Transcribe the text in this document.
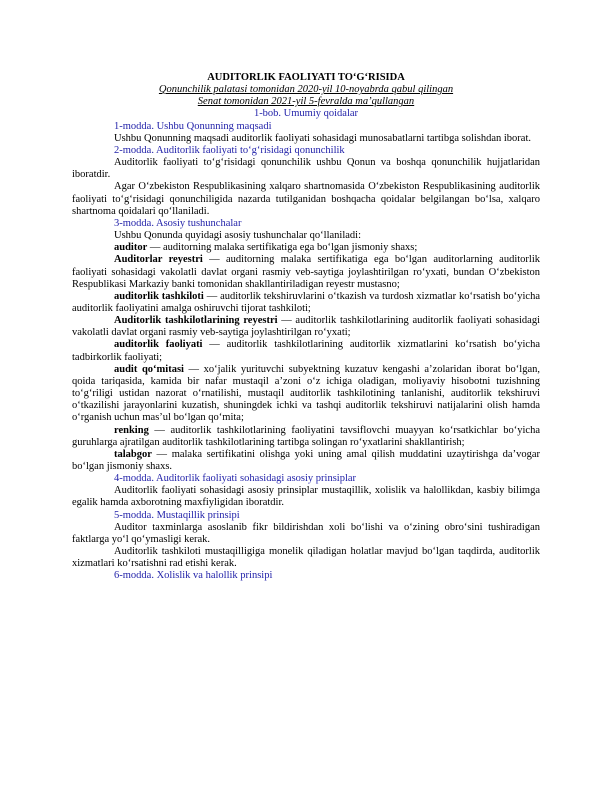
AUDITORLIK FAOLIYATI TO‘G‘RISIDA

Qonunchilik palatasi tomonidan 2020-yil 10-noyabrda qabul qilingan

Senat tomonidan 2021-yil 5-fevralda ma’qullangan

1-bob. Umumiy qoidalar

1-modda. Ushbu Qonunning maqsadi

Ushbu Qonunning maqsadi auditorlik faoliyati sohasidagi munosabatlarni tartibga solishdan iborat.

2-modda. Auditorlik faoliyati to‘g‘risidagi qonunchilik

Auditorlik faoliyati to‘g‘risidagi qonunchilik ushbu Qonun va boshqa qonunchilik hujjatlaridan iboratdir.

Agar O‘zbekiston Respublikasining xalqaro shartnomasida O‘zbekiston Respublikasining auditorlik faoliyati to‘g‘risidagi qonunchiligida nazarda tutilganidan boshqacha qoidalar belgilangan bo‘lsa, xalqaro shartnoma qoidalari qo‘llaniladi.

3-modda. Asosiy tushunchalar

Ushbu Qonunda quyidagi asosiy tushunchalar qo‘llaniladi:

auditor — auditorning malaka sertifikatiga ega bo‘lgan jismoniy shaxs;

Auditorlar reyestri — auditorning malaka sertifikatiga ega bo‘lgan auditorlarning auditorlik faoliyati sohasidagi vakolatli davlat organi rasmiy veb-saytiga joylashtirilgan ro‘yxati, bundan O‘zbekiston Respublikasi Markaziy banki tomonidan shakllantiriladigan reyestr mustasno;

auditorlik tashkiloti — auditorlik tekshiruvlarini o‘tkazish va turdosh xizmatlar ko‘rsatish bo‘yicha auditorlik faoliyatini amalga oshiruvchi tijorat tashkiloti;

Auditorlik tashkilotlarining reyestri — auditorlik tashkilotlarining auditorlik faoliyati sohasidagi vakolatli davlat organi rasmiy veb-saytiga joylashtirilgan ro‘yxati;

auditorlik faoliyati — auditorlik tashkilotlarining auditorlik xizmatlarini ko‘rsatish bo‘yicha tadbirkorlik faoliyati;

audit qo‘mitasi — xo‘jalik yurituvchi subyektning kuzatuv kengashi a’zolaridan iborat bo‘lgan, qoida tariqasida, kamida bir nafar mustaqil a’zoni o‘z ichiga oladigan, moliyaviy hisobotni tuzishning to‘g‘riligi ustidan nazorat o‘rnatilishi, mustaqil auditorlik tashkilotining tanlanishi, auditorlik tekshiruvi o‘tkazilishi jarayonlarini kuzatish, shuningdek ichki va tashqi auditorlik tekshiruvi natijalarini olish hamda o‘rganish uchun mas’ul bo‘lgan qo‘mita;

renking — auditorlik tashkilotlarining faoliyatini tavsiflovchi muayyan ko‘rsatkichlar bo‘yicha guruhlarga ajratilgan auditorlik tashkilotlarining tartibga solingan ro‘yxatlarini shakllantirish;

talabgor — malaka sertifikatini olishga yoki uning amal qilish muddatini uzaytirishga da’vogar bo‘lgan jismoniy shaxs.

4-modda. Auditorlik faoliyati sohasidagi asosiy prinsiplar

Auditorlik faoliyati sohasidagi asosiy prinsiplar mustaqillik, xolislik va halollikdan, kasbiy bilimga egalik hamda axborotning maxfiyligidan iboratdir.

5-modda. Mustaqillik prinsipi

Auditor taxminlarga asoslanib fikr bildirishdan xoli bo‘lishi va o‘zining obro‘sini tushiradigan faktlarga yo‘l qo‘ymasligi kerak.

Auditorlik tashkiloti mustaqilligiga monelik qiladigan holatlar mavjud bo‘lgan taqdirda, auditorlik xizmatlari ko‘rsatishni rad etishi kerak.

6-modda. Xolislik va halollik prinsipi
